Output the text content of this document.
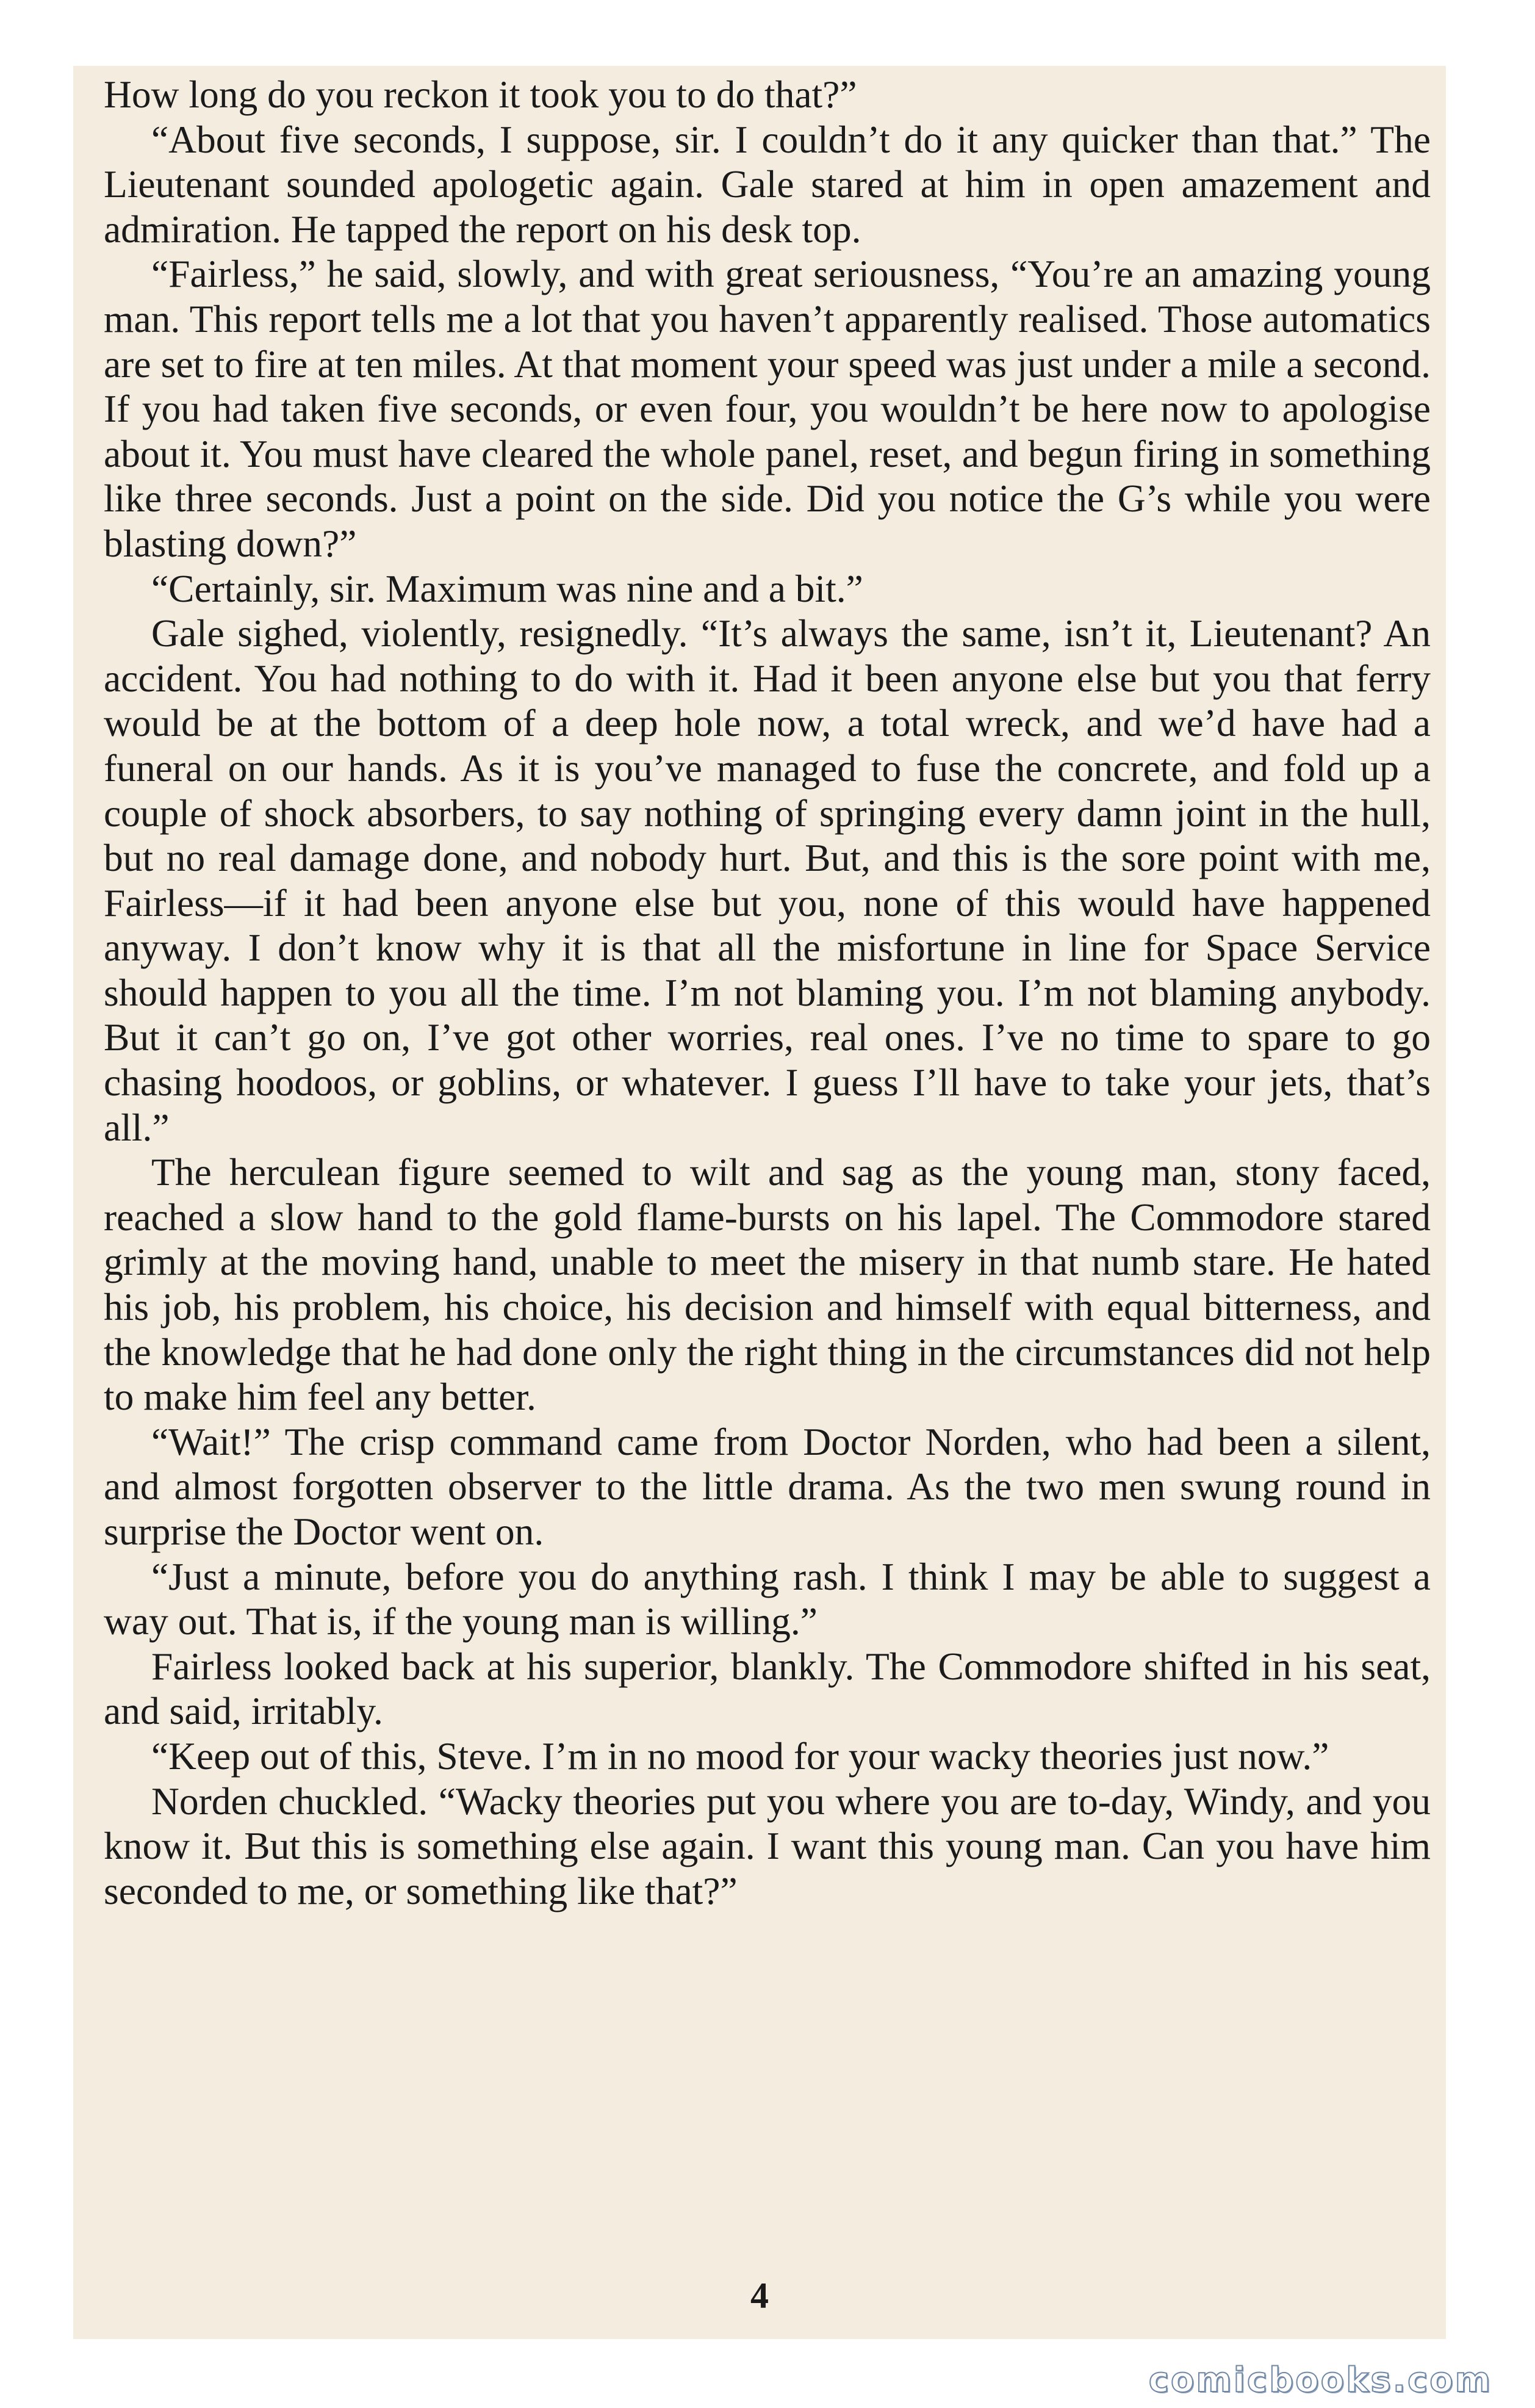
How long do you reckon it took you to do that?”

“About five seconds, I suppose, sir. I couldn’t do it any quicker than that.” The Lieutenant sounded apologetic again. Gale stared at him in open amazement and admiration. He tapped the report on his desk top.

“Fairless,” he said, slowly, and with great seriousness, “You’re an amazing young man. This report tells me a lot that you haven’t apparently realised. Those automatics are set to fire at ten miles. At that moment your speed was just under a mile a second. If you had taken five seconds, or even four, you wouldn’t be here now to apologise about it. You must have cleared the whole panel, reset, and begun firing in something like three seconds. Just a point on the side. Did you notice the G’s while you were blasting down?”

“Certainly, sir. Maximum was nine and a bit.”

Gale sighed, violently, resignedly. “It’s always the same, isn’t it, Lieutenant? An accident. You had nothing to do with it. Had it been anyone else but you that ferry would be at the bottom of a deep hole now, a total wreck, and we’d have had a funeral on our hands. As it is you’ve managed to fuse the concrete, and fold up a couple of shock absorbers, to say nothing of springing every damn joint in the hull, but no real damage done, and nobody hurt. But, and this is the sore point with me, Fairless—if it had been anyone else but you, none of this would have happened anyway. I don’t know why it is that all the misfortune in line for Space Service should happen to you all the time. I’m not blaming you. I’m not blaming anybody. But it can’t go on, I’ve got other worries, real ones. I’ve no time to spare to go chasing hoodoos, or goblins, or whatever. I guess I’ll have to take your jets, that’s all.”

The herculean figure seemed to wilt and sag as the young man, stony faced, reached a slow hand to the gold flame-bursts on his lapel. The Commodore stared grimly at the moving hand, unable to meet the misery in that numb stare. He hated his job, his problem, his choice, his decision and himself with equal bitterness, and the knowledge that he had done only the right thing in the circumstances did not help to make him feel any better.

“Wait!” The crisp command came from Doctor Norden, who had been a silent, and almost forgotten observer to the little drama. As the two men swung round in surprise the Doctor went on.

“Just a minute, before you do anything rash. I think I may be able to suggest a way out. That is, if the young man is willing.”

Fairless looked back at his superior, blankly. The Commodore shifted in his seat, and said, irritably.

“Keep out of this, Steve. I’m in no mood for your wacky theories just now.”

Norden chuckled. “Wacky theories put you where you are to-day, Windy, and you know it. But this is something else again. I want this young man. Can you have him seconded to me, or something like that?”

4
comicbooks.com
